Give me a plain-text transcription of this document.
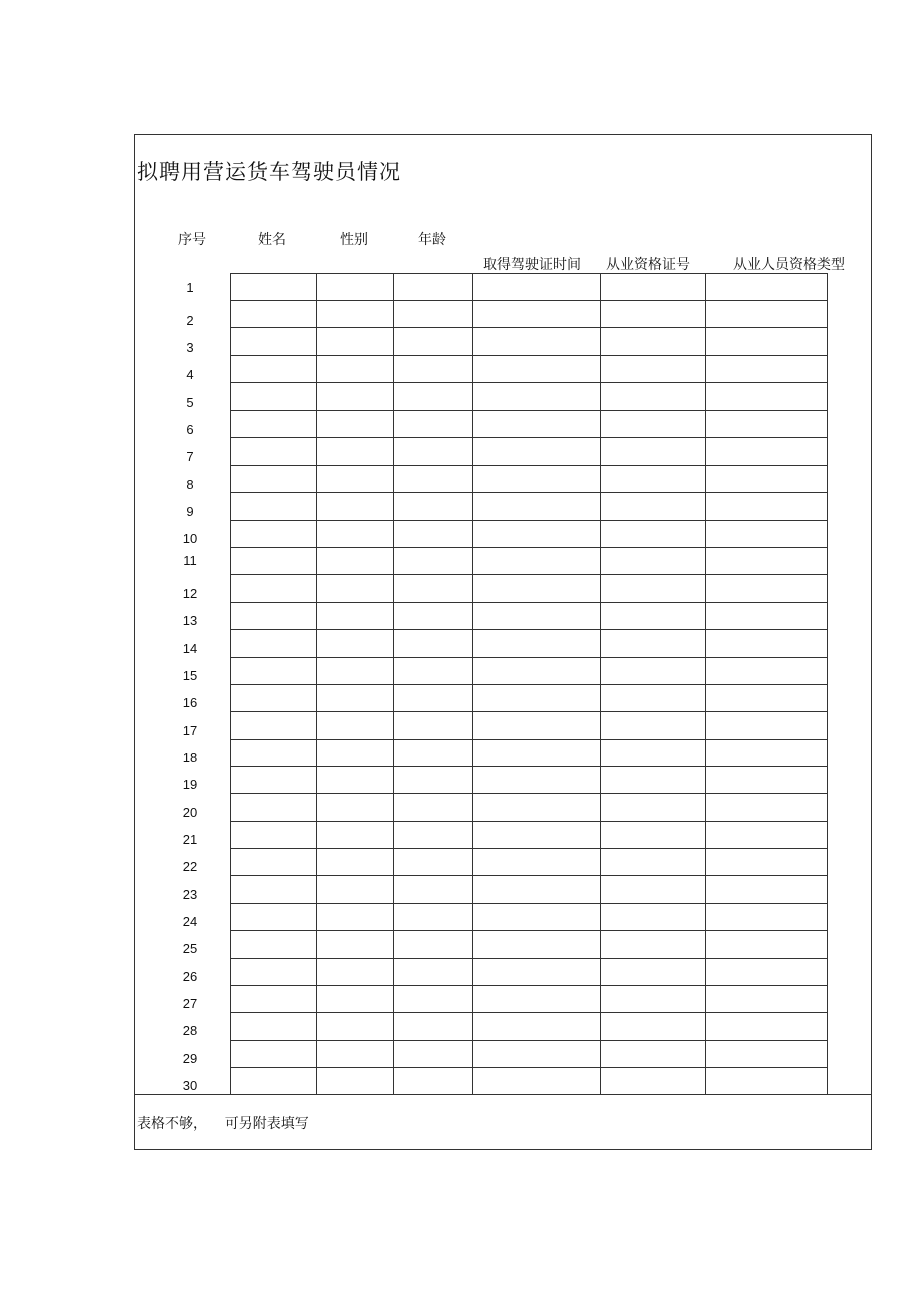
拟聘用营运货车驾驶员情况
序号	姓名	性别	年龄
取得驾驶证时间 从业资格证号	从业人员资格类型
1
2
3
4
5
6
7
8
9
10
11
12
13
14
15
16
17
18
19
20
21
22
23
24
25
26
27
28
29
30
表格不够，    可另附表填写
